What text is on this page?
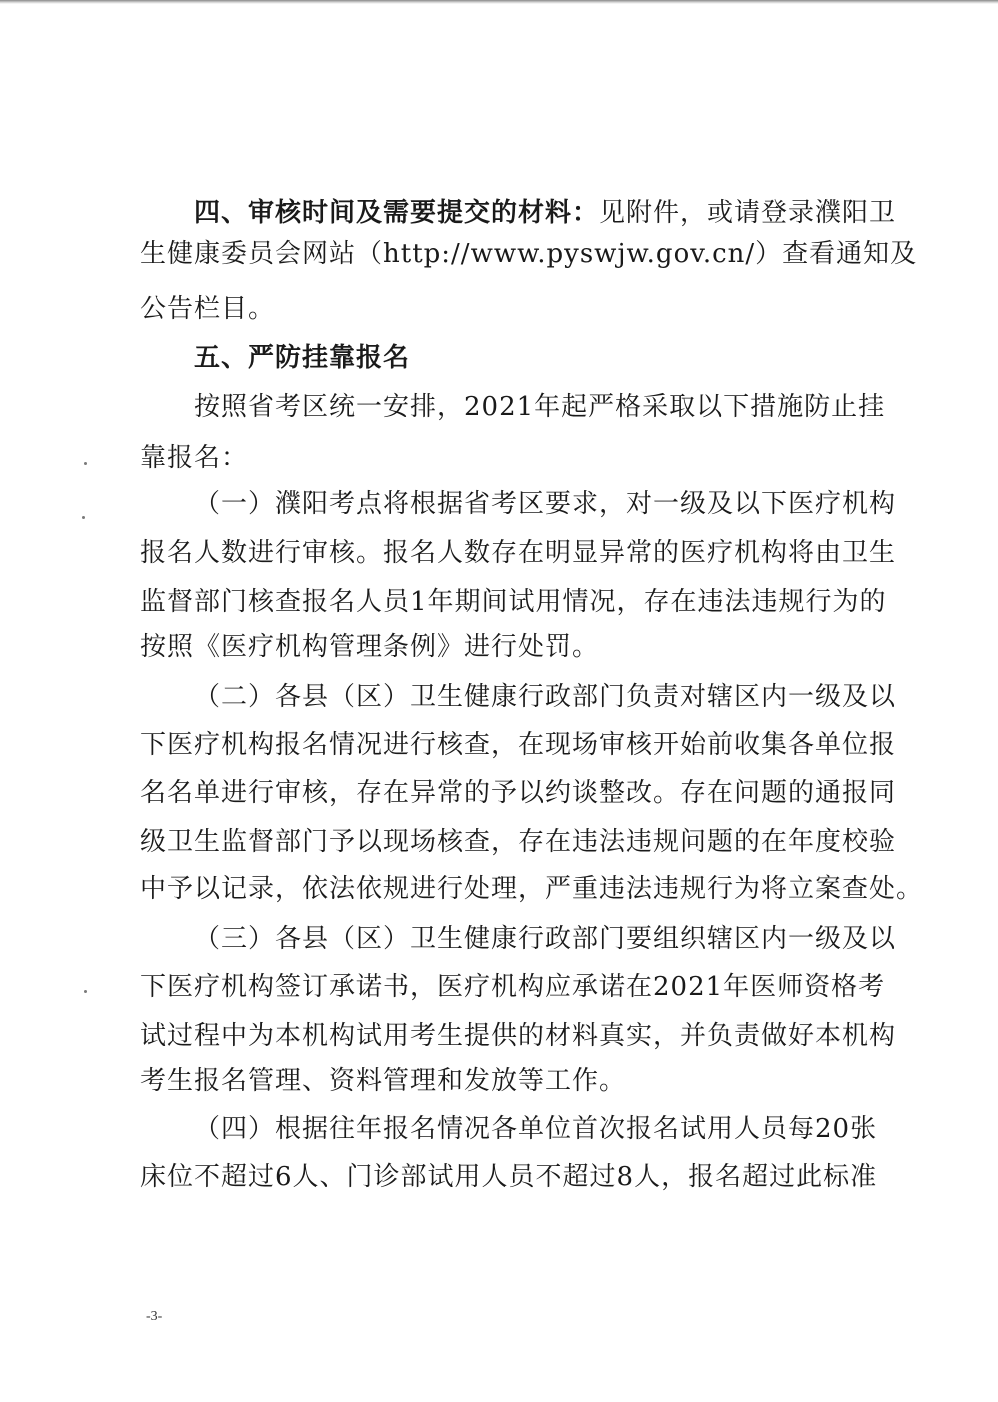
四、审核时间及需要提交的材料：见附件，或请登录濮阳卫
生健康委员会网站（http://www.pyswjw.gov.cn/）查看通知及
公告栏目。
五、严防挂靠报名
按照省考区统一安排，2021年起严格采取以下措施防止挂
靠报名：
（一）濮阳考点将根据省考区要求，对一级及以下医疗机构
报名人数进行审核。报名人数存在明显异常的医疗机构将由卫生
监督部门核查报名人员1年期间试用情况，存在违法违规行为的
按照《医疗机构管理条例》进行处罚。
（二）各县（区）卫生健康行政部门负责对辖区内一级及以
下医疗机构报名情况进行核查，在现场审核开始前收集各单位报
名名单进行审核，存在异常的予以约谈整改。存在问题的通报同
级卫生监督部门予以现场核查，存在违法违规问题的在年度校验
中予以记录，依法依规进行处理，严重违法违规行为将立案查处。
（三）各县（区）卫生健康行政部门要组织辖区内一级及以
下医疗机构签订承诺书，医疗机构应承诺在2021年医师资格考
试过程中为本机构试用考生提供的材料真实，并负责做好本机构
考生报名管理、资料管理和发放等工作。
（四）根据往年报名情况各单位首次报名试用人员每20张
床位不超过6人、门诊部试用人员不超过8人，报名超过此标准
-3-
